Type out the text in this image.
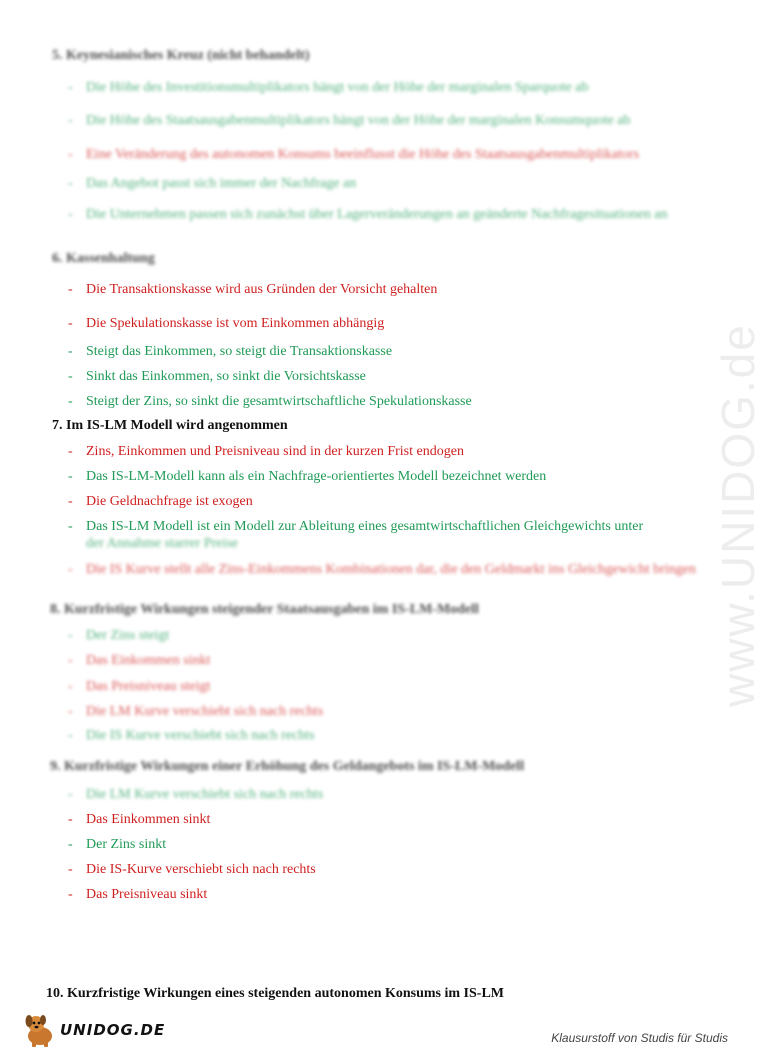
www.UNIDOG.de
5. Keynesianisches Kreuz (nicht behandelt)
- Die Höhe des Investitionsmultiplikators hängt von der Höhe der marginalen Sparquote ab
- Die Höhe des Staatsausgabenmultiplikators hängt von der Höhe der marginalen Konsumquote ab
- Eine Veränderung des autonomen Konsums beeinflusst die Höhe des Staatsausgabenmultiplikators
- Das Angebot passt sich immer der Nachfrage an
- Die Unternehmen passen sich zunächst über Lagerveränderungen an geänderte Nachfragesituationen an
6. Kassenhaltung
- Die Transaktionskasse wird aus Gründen der Vorsicht gehalten
- Die Spekulationskasse ist vom Einkommen abhängig
- Steigt das Einkommen, so steigt die Transaktionskasse
- Sinkt das Einkommen, so sinkt die Vorsichtskasse
- Steigt der Zins, so sinkt die gesamtwirtschaftliche Spekulationskasse
7. Im IS-LM Modell wird angenommen
- Zins, Einkommen und Preisniveau sind in der kurzen Frist endogen
- Das IS-LM-Modell kann als ein Nachfrage-orientiertes Modell bezeichnet werden
- Die Geldnachfrage ist exogen
- Das IS-LM Modell ist ein Modell zur Ableitung eines gesamtwirtschaftlichen Gleichgewichts unter
der Annahme starrer Preise
- Die IS Kurve stellt alle Zins-Einkommens Kombinationen dar, die den Geldmarkt ins Gleichgewicht bringen
8. Kurzfristige Wirkungen steigender Staatsausgaben im IS-LM-Modell
- Der Zins steigt
- Das Einkommen sinkt
- Das Preisniveau steigt
- Die LM Kurve verschiebt sich nach rechts
- Die IS Kurve verschiebt sich nach rechts
9. Kurzfristige Wirkungen einer Erhöhung des Geldangebots im IS-LM-Modell
- Die LM Kurve verschiebt sich nach rechts
- Das Einkommen sinkt
- Der Zins sinkt
- Die IS-Kurve verschiebt sich nach rechts
- Das Preisniveau sinkt
10. Kurzfristige Wirkungen eines steigenden autonomen Konsums im IS-LM
UNIDOG.DE	Klausurstoff von Studis für Studis
